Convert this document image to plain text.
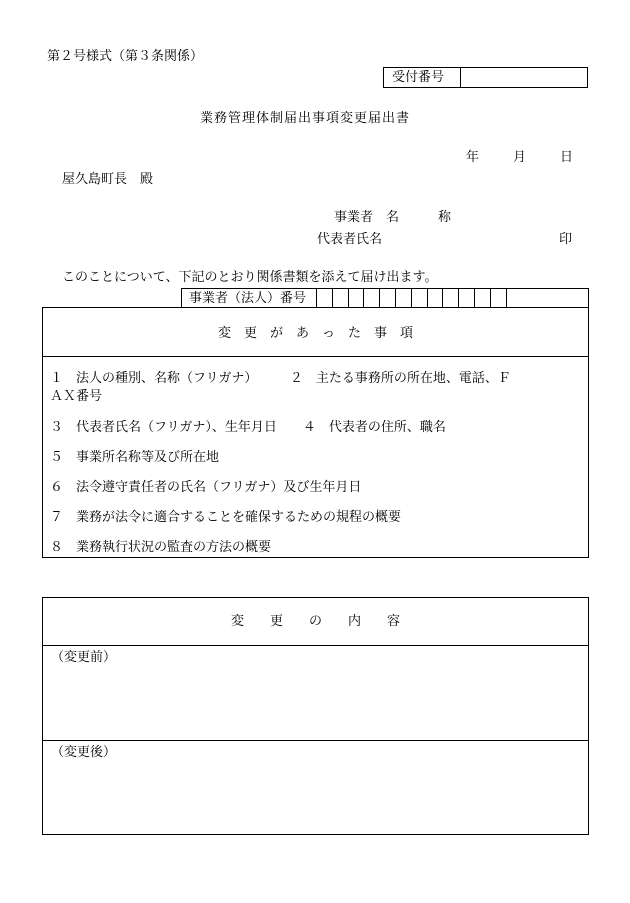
第２号様式（第３条関係）
受付番号
業務管理体制届出事項変更届出書
年	月	日
屋久島町長　殿
事業者　名　　　称
代表者氏名	印
このことについて、下記のとおり関係書類を添えて届け出ます。
事業者（法人）番号
変　更　が　あ　っ　た　事　項
１　法人の種別、名称（フリガナ）　　　２　主たる事務所の所在地、電話、Ｆ
ＡＸ番号
３　代表者氏名（フリガナ）、生年月日　　４　代表者の住所、職名
５　事業所名称等及び所在地
６　法令遵守責任者の氏名（フリガナ）及び生年月日
７　業務が法令に適合することを確保するための規程の概要
８　業務執行状況の監査の方法の概要
変　　更　　の　　内　　容
（変更前）
（変更後）
